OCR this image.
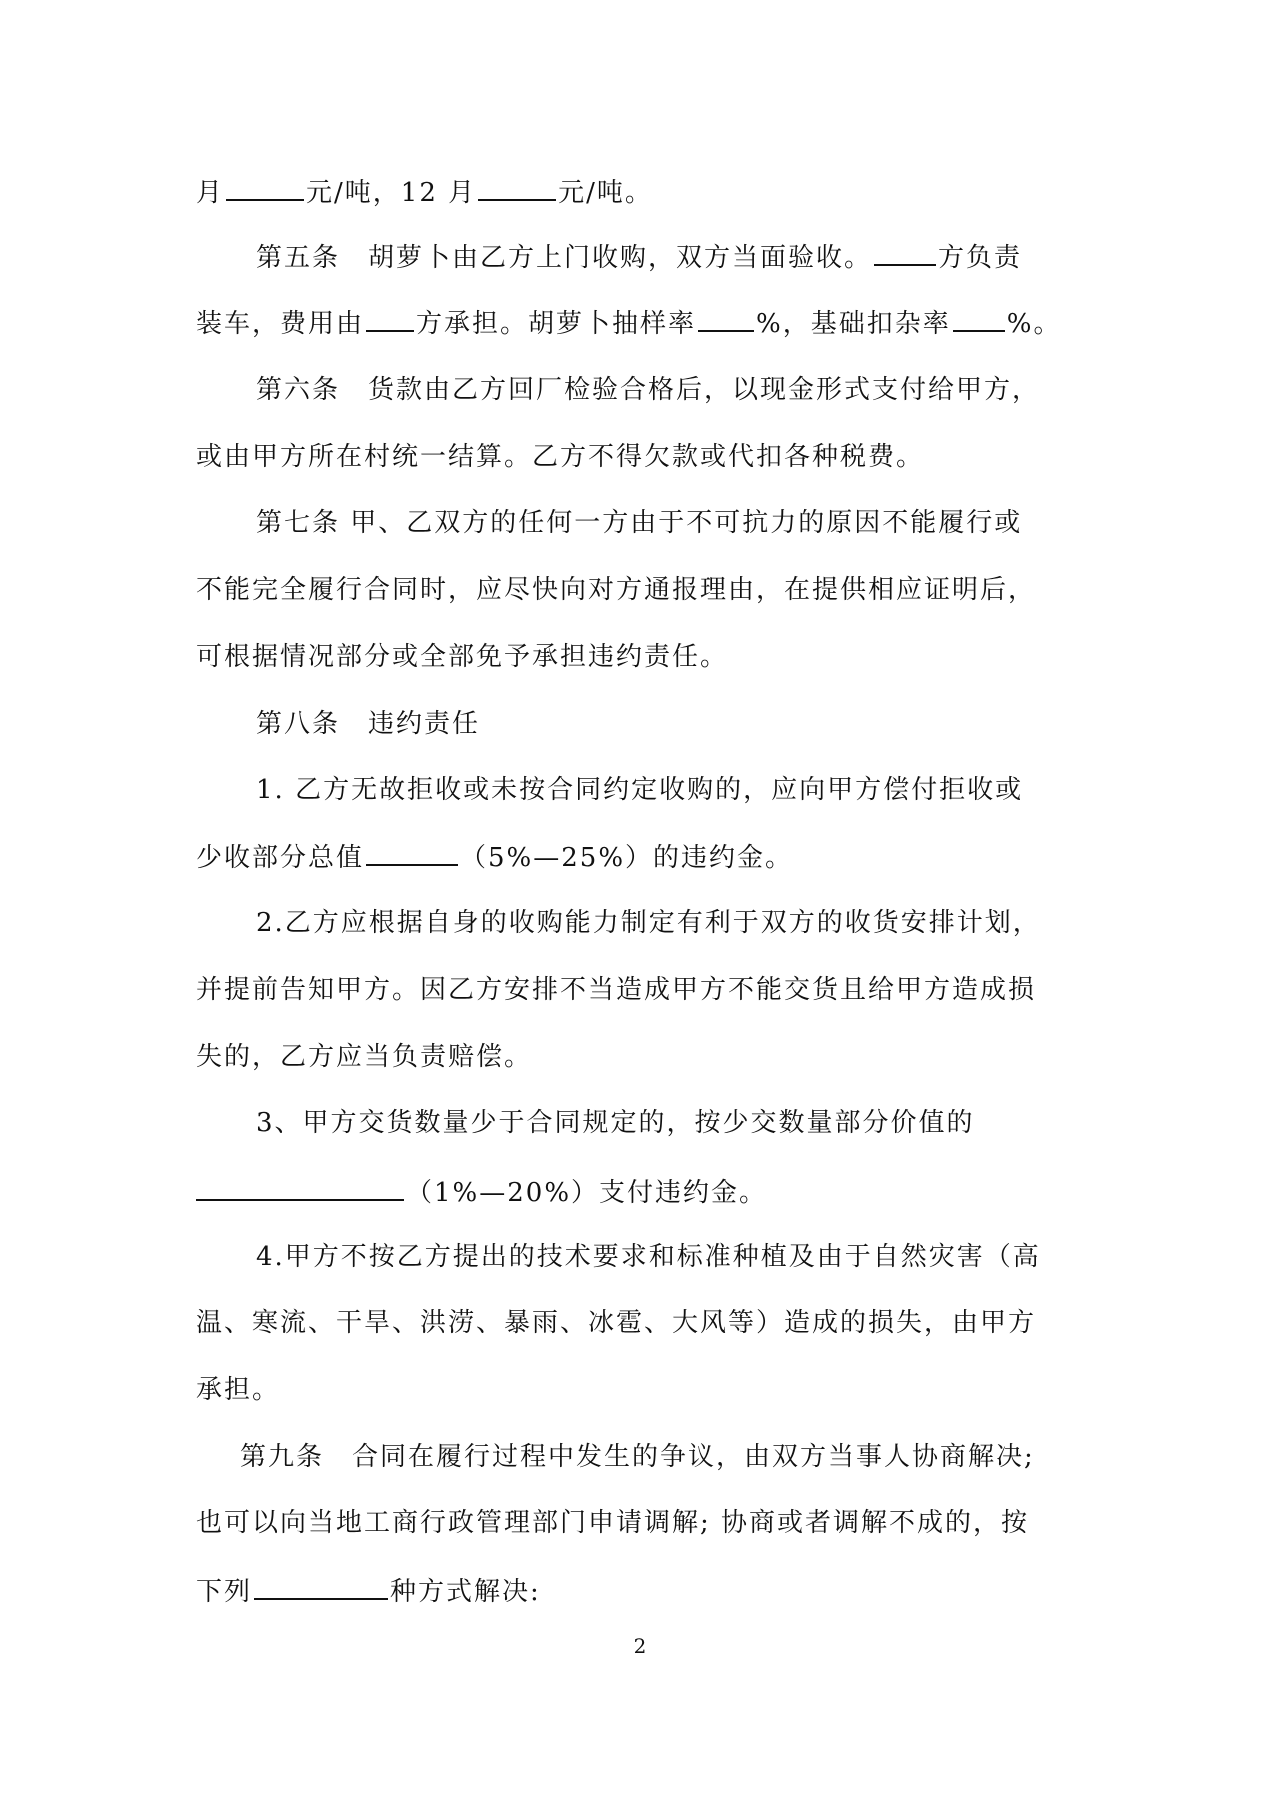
月	元/吨，12 月	元/吨。
第五条　胡萝卜由乙方上门收购，双方当面验收。	方负责
装车，费用由 方承担。胡萝卜抽样率 %，基础扣杂率 %。
第六条　货款由乙方回厂检验合格后，以现金形式支付给甲方，
或由甲方所在村统一结算。乙方不得欠款或代扣各种税费。
第七条 甲、乙双方的任何一方由于不可抗力的原因不能履行或
不能完全履行合同时，应尽快向对方通报理由，在提供相应证明后，
可根据情况部分或全部免予承担违约责任。
第八条　违约责任
1. 乙方无故拒收或未按合同约定收购的，应向甲方偿付拒收或
少收部分总值	（5%—25%）的违约金。
2.乙方应根据自身的收购能力制定有利于双方的收货安排计划，
并提前告知甲方。因乙方安排不当造成甲方不能交货且给甲方造成损
失的，乙方应当负责赔偿。
3、甲方交货数量少于合同规定的，按少交数量部分价值的
（1%—20%）支付违约金。
4.甲方不按乙方提出的技术要求和标准种植及由于自然灾害（高
温、寒流、干旱、洪涝、暴雨、冰雹、大风等）造成的损失，由甲方
承担。
第九条　合同在履行过程中发生的争议，由双方当事人协商解决;
也可以向当地工商行政管理部门申请调解; 协商或者调解不成的，按
下列	种方式解决:
2
